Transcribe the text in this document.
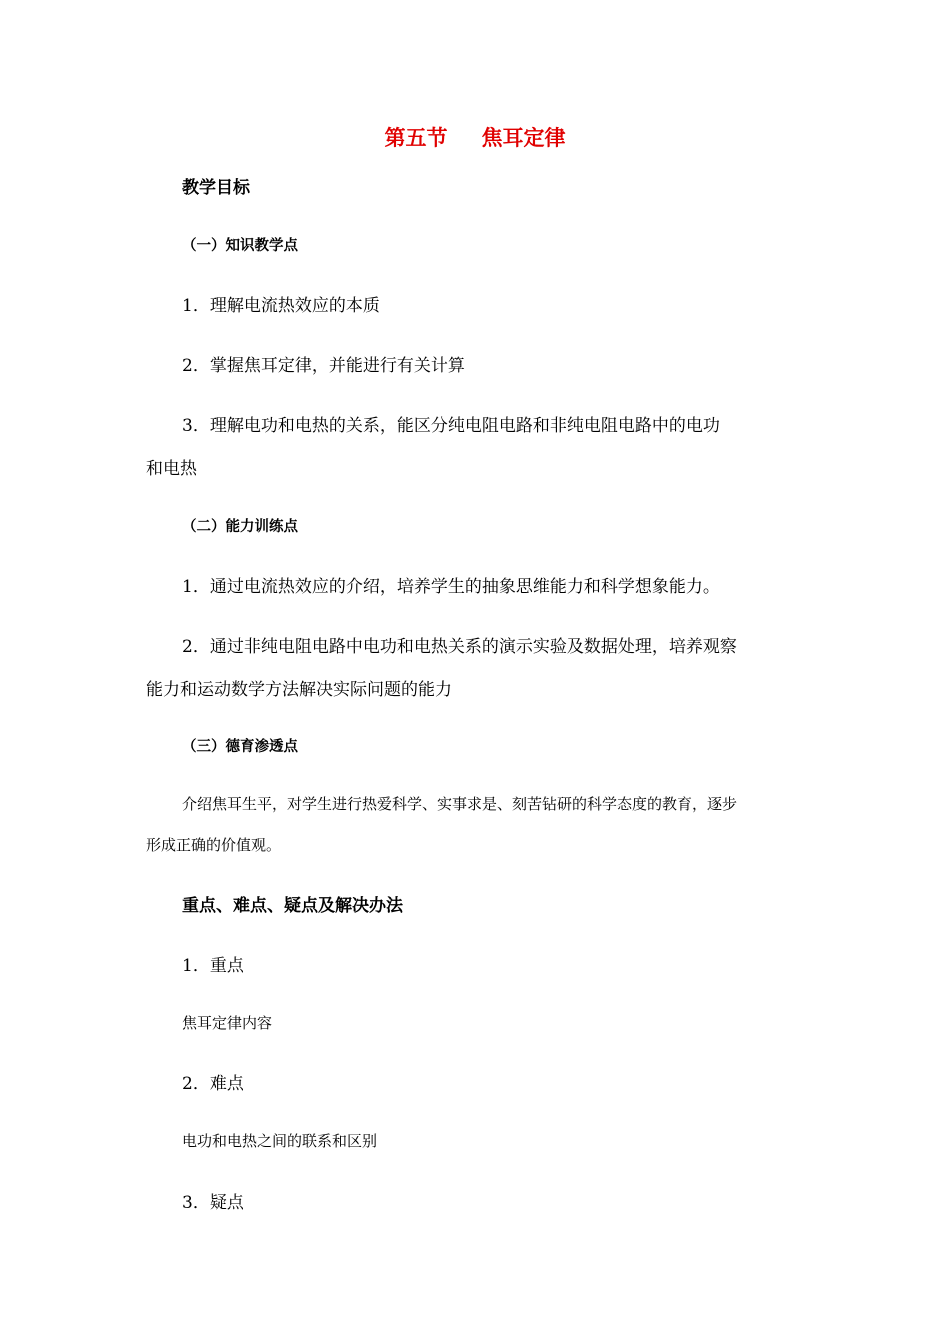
第五节 焦耳定律
教学目标
（一）知识教学点
1．理解电流热效应的本质
2．掌握焦耳定律，并能进行有关计算
3．理解电功和电热的关系，能区分纯电阻电路和非纯电阻电路中的电功
和电热
（二）能力训练点
1．通过电流热效应的介绍，培养学生的抽象思维能力和科学想象能力。
2．通过非纯电阻电路中电功和电热关系的演示实验及数据处理，培养观察
能力和运动数学方法解决实际问题的能力
（三）德育渗透点
介绍焦耳生平，对学生进行热爱科学、实事求是、刻苦钻研的科学态度的教育，逐步
形成正确的价值观。
重点、难点、疑点及解决办法
1．重点
焦耳定律内容
2．难点
电功和电热之间的联系和区别
3．疑点
